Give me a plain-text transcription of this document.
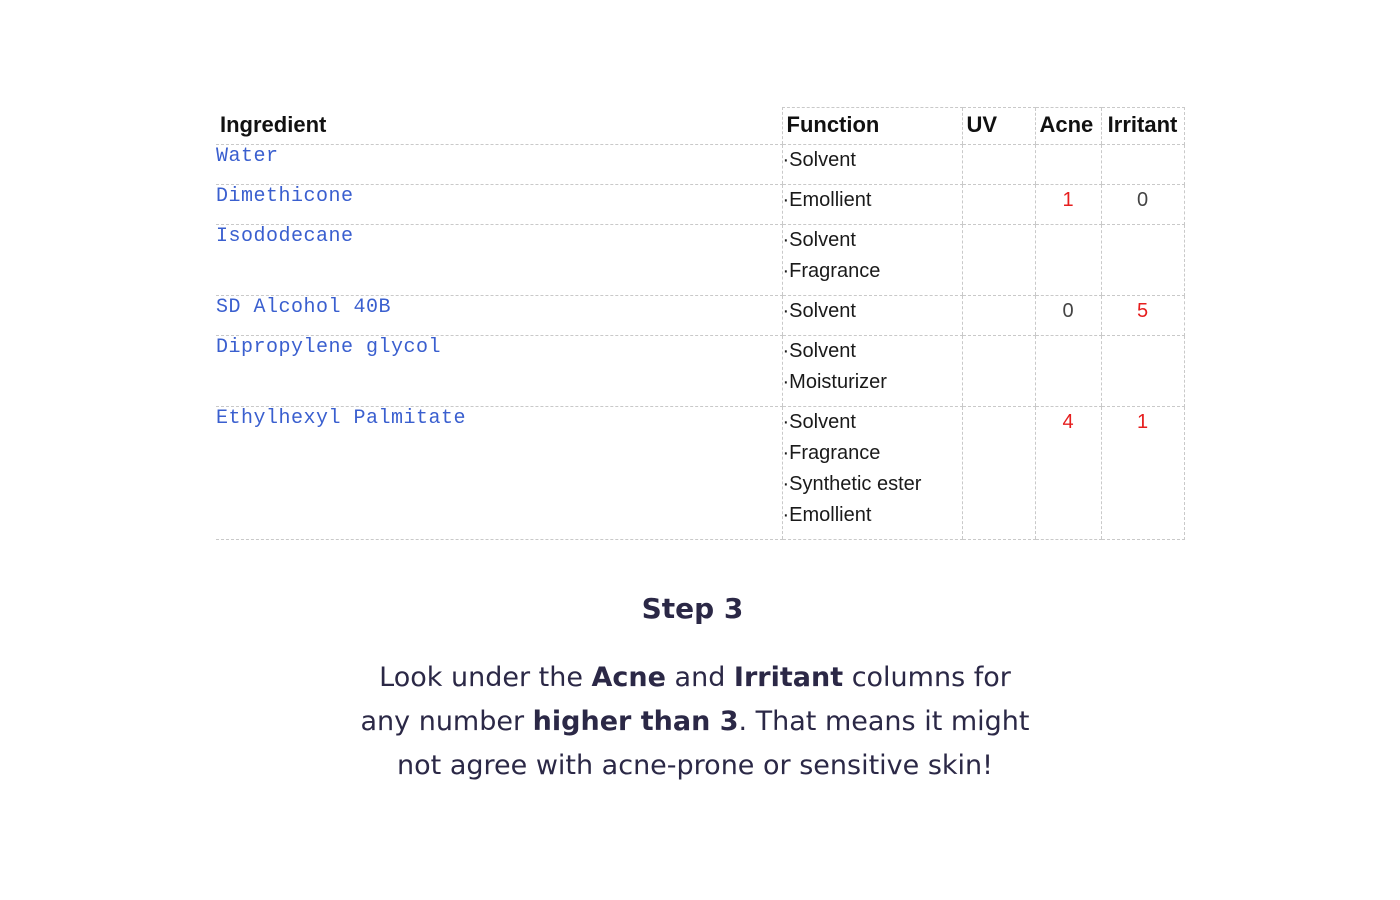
Ingredient	Function	UV	Acne	Irritant
Water	·Solvent			

Dimethicone	·Emollient		1	0
Isododecane	·Solvent
·Fragrance			

SD Alcohol 40B	·Solvent		0	5
Dipropylene glycol	·Solvent
·Moisturizer			

Ethylhexyl Palmitate	·Solvent
·Fragrance
·Synthetic ester
·Emollient		4	1
Step 3
Look under the Acne and Irritant columns for any number higher than 3. That means it might not agree with acne-prone or sensitive skin!
